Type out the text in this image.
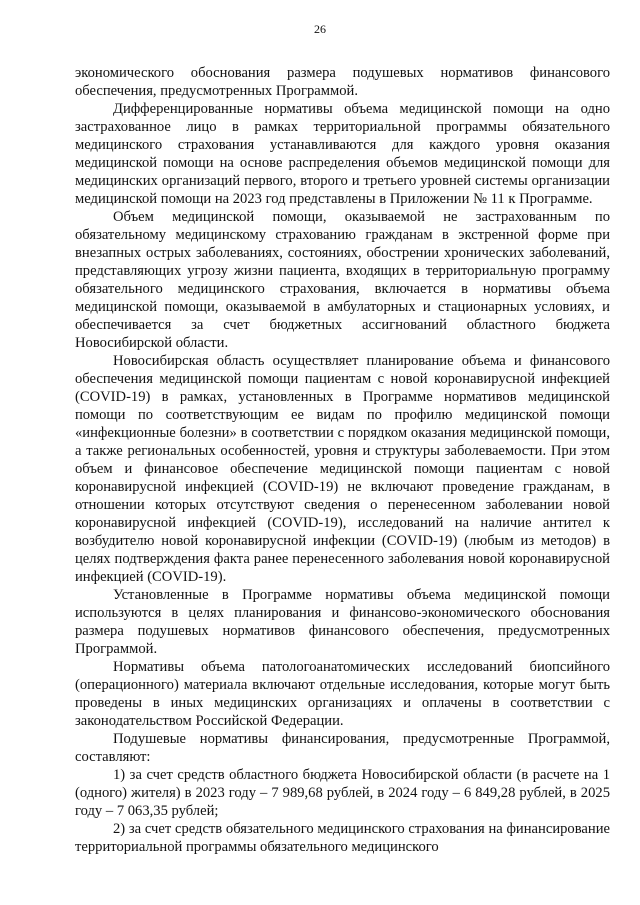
26

экономического обоснования размера подушевых нормативов финансового обеспечения, предусмотренных Программой.

Дифференцированные нормативы объема медицинской помощи на одно застрахованное лицо в рамках территориальной программы обязательного медицинского страхования устанавливаются для каждого уровня оказания медицинской помощи на основе распределения объемов медицинской помощи для медицинских организаций первого, второго и третьего уровней системы организации медицинской помощи на 2023 год представлены в Приложении № 11 к Программе.

Объем медицинской помощи, оказываемой не застрахованным по обязательному медицинскому страхованию гражданам в экстренной форме при внезапных острых заболеваниях, состояниях, обострении хронических заболеваний, представляющих угрозу жизни пациента, входящих в территориальную программу обязательного медицинского страхования, включается в нормативы объема медицинской помощи, оказываемой в амбулаторных и стационарных условиях, и обеспечивается за счет бюджетных ассигнований областного бюджета Новосибирской области.

Новосибирская область осуществляет планирование объема и финансового обеспечения медицинской помощи пациентам с новой коронавирусной инфекцией (COVID-19) в рамках, установленных в Программе нормативов медицинской помощи по соответствующим ее видам по профилю медицинской помощи «инфекционные болезни» в соответствии с порядком оказания медицинской помощи, а также региональных особенностей, уровня и структуры заболеваемости. При этом объем и финансовое обеспечение медицинской помощи пациентам с новой коронавирусной инфекцией (COVID-19) не включают проведение гражданам, в отношении которых отсутствуют сведения о перенесенном заболевании новой коронавирусной инфекцией (COVID-19), исследований на наличие антител к возбудителю новой коронавирусной инфекции (COVID-19) (любым из методов) в целях подтверждения факта ранее перенесенного заболевания новой коронавирусной инфекцией (COVID-19).

Установленные в Программе нормативы объема медицинской помощи используются в целях планирования и финансово-экономического обоснования размера подушевых нормативов финансового обеспечения, предусмотренных Программой.

Нормативы объема патологоанатомических исследований биопсийного (операционного) материала включают отдельные исследования, которые могут быть проведены в иных медицинских организациях и оплачены в соответствии с законодательством Российской Федерации.

Подушевые нормативы финансирования, предусмотренные Программой, составляют:

1) за счет средств областного бюджета Новосибирской области (в расчете на 1 (одного) жителя) в 2023 году – 7 989,68 рублей, в 2024 году – 6 849,28 рублей, в 2025 году – 7 063,35 рублей;

2) за счет средств обязательного медицинского страхования на финансирование территориальной программы обязательного медицинского
